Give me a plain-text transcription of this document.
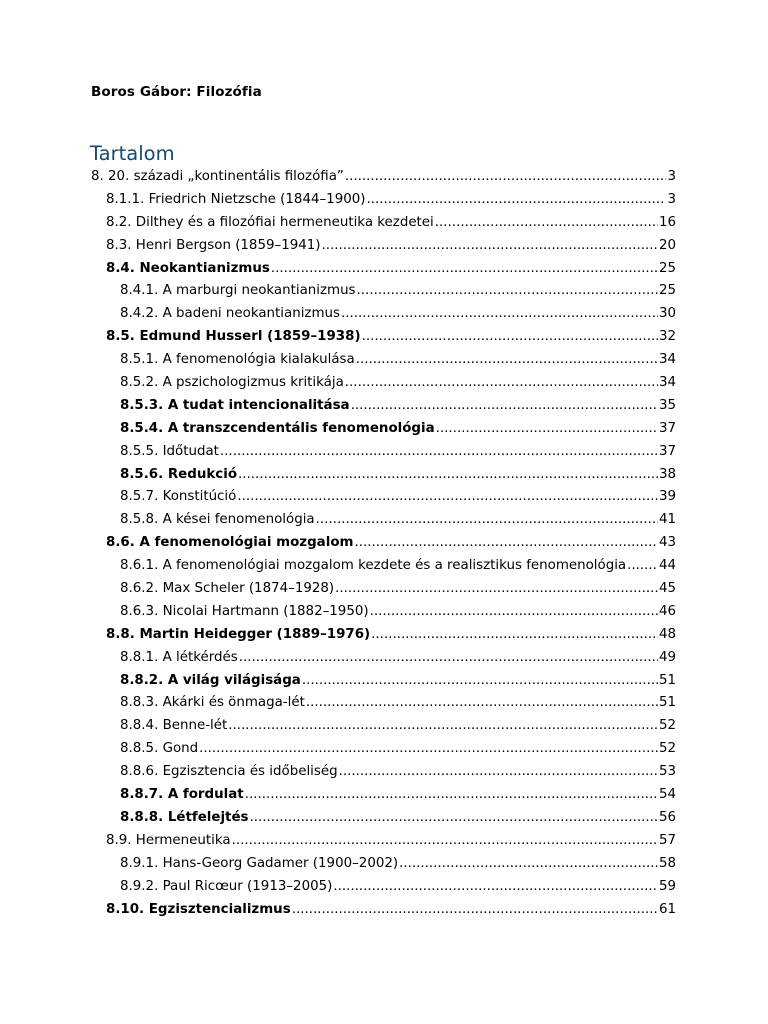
Boros Gábor: Filozófia
Tartalom
8. 20. századi „kontinentális filozófia” .....	3
8.1.1. Friedrich Nietzsche (1844–1900) .....	3
8.2. Dilthey és a filozófiai hermeneutika kezdetei .....	16
8.3. Henri Bergson (1859–1941) .....	20
8.4. Neokantianizmus .....	25
8.4.1. A marburgi neokantianizmus .....	25
8.4.2. A badeni neokantianizmus .....	30
8.5. Edmund Husserl (1859–1938) .....	32
8.5.1. A fenomenológia kialakulása .....	34
8.5.2. A pszichologizmus kritikája .....	34
8.5.3. A tudat intencionalitása .....	35
8.5.4. A transzcendentális fenomenológia .....	37
8.5.5. Időtudat .....	37
8.5.6. Redukció .....	38
8.5.7. Konstitúció .....	39
8.5.8. A kései fenomenológia .....	41
8.6. A fenomenológiai mozgalom .....	43
8.6.1. A fenomenológiai mozgalom kezdete és a realisztikus fenomenológia ..... 44
8.6.2. Max Scheler (1874–1928) .....	45
8.6.3. Nicolai Hartmann (1882–1950) .....	46
8.8. Martin Heidegger (1889–1976) .....	48
8.8.1. A létkérdés .....	49
8.8.2. A világ világisága .....	51
8.8.3. Akárki és önmaga-lét .....	51
8.8.4. Benne-lét .....	52
8.8.5. Gond .....	52
8.8.6. Egzisztencia és időbeliség .....	53
8.8.7. A fordulat .....	54
8.8.8. Létfelejtés .....	56
8.9. Hermeneutika .....	57
8.9.1. Hans-Georg Gadamer (1900–2002) .....	58
8.9.2. Paul Ricœur (1913–2005) .....	59
8.10. Egzisztencializmus .....	61
